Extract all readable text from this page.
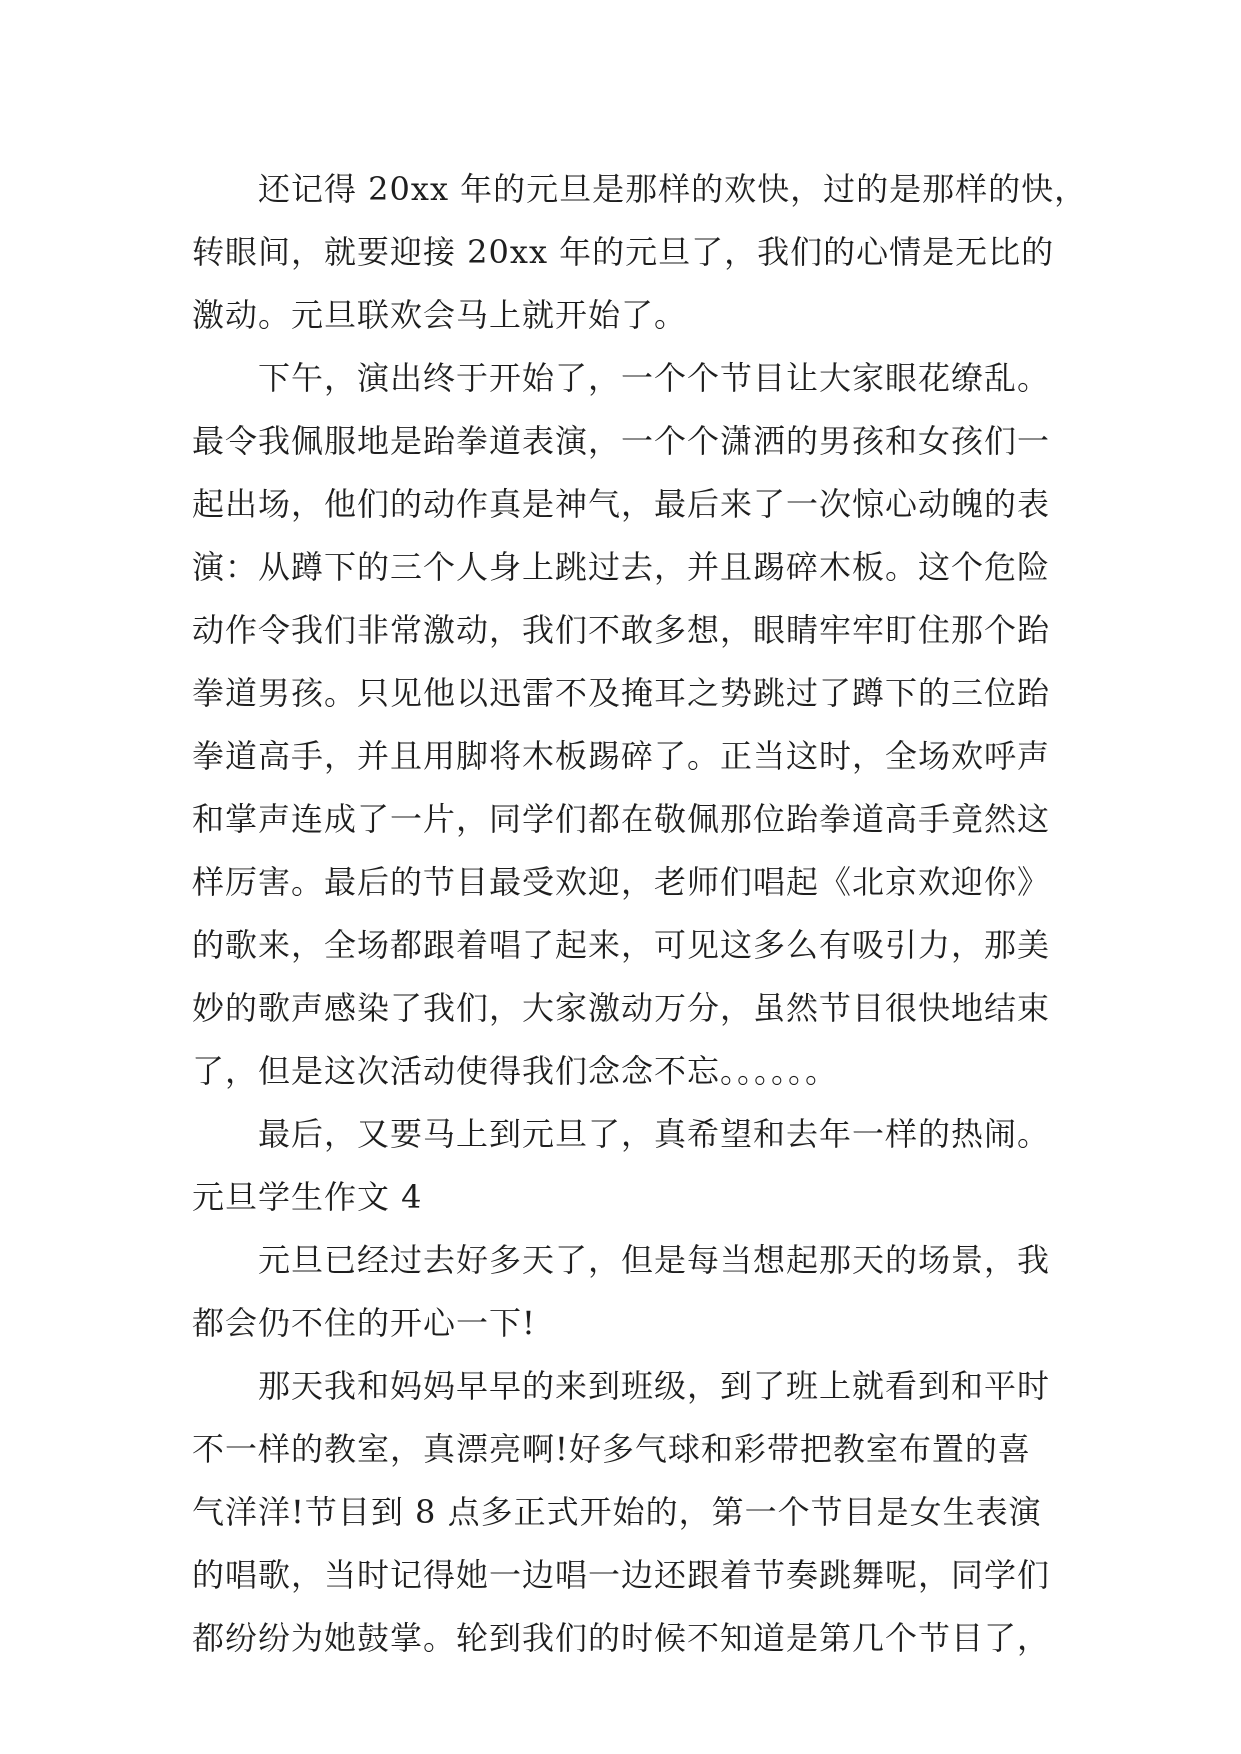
还记得 20xx 年的元旦是那样的欢快，过的是那样的快，
转眼间，就要迎接 20xx 年的元旦了，我们的心情是无比的
激动。元旦联欢会马上就开始了。
下午，演出终于开始了，一个个节目让大家眼花缭乱。
最令我佩服地是跆拳道表演，一个个潇洒的男孩和女孩们一
起出场，他们的动作真是神气，最后来了一次惊心动魄的表
演：从蹲下的三个人身上跳过去，并且踢碎木板。这个危险
动作令我们非常激动，我们不敢多想，眼睛牢牢盯住那个跆
拳道男孩。只见他以迅雷不及掩耳之势跳过了蹲下的三位跆
拳道高手，并且用脚将木板踢碎了。正当这时，全场欢呼声
和掌声连成了一片，同学们都在敬佩那位跆拳道高手竟然这
样厉害。最后的节目最受欢迎，老师们唱起《北京欢迎你》
的歌来，全场都跟着唱了起来，可见这多么有吸引力，那美
妙的歌声感染了我们，大家激动万分，虽然节目很快地结束
了，但是这次活动使得我们念念不忘。。。。。。
最后，又要马上到元旦了，真希望和去年一样的热闹。
元旦学生作文 4
元旦已经过去好多天了，但是每当想起那天的场景，我
都会仍不住的开心一下!
那天我和妈妈早早的来到班级，到了班上就看到和平时
不一样的教室，真漂亮啊!好多气球和彩带把教室布置的喜
气洋洋!节目到 8 点多正式开始的，第一个节目是女生表演
的唱歌，当时记得她一边唱一边还跟着节奏跳舞呢，同学们
都纷纷为她鼓掌。轮到我们的时候不知道是第几个节目了，
